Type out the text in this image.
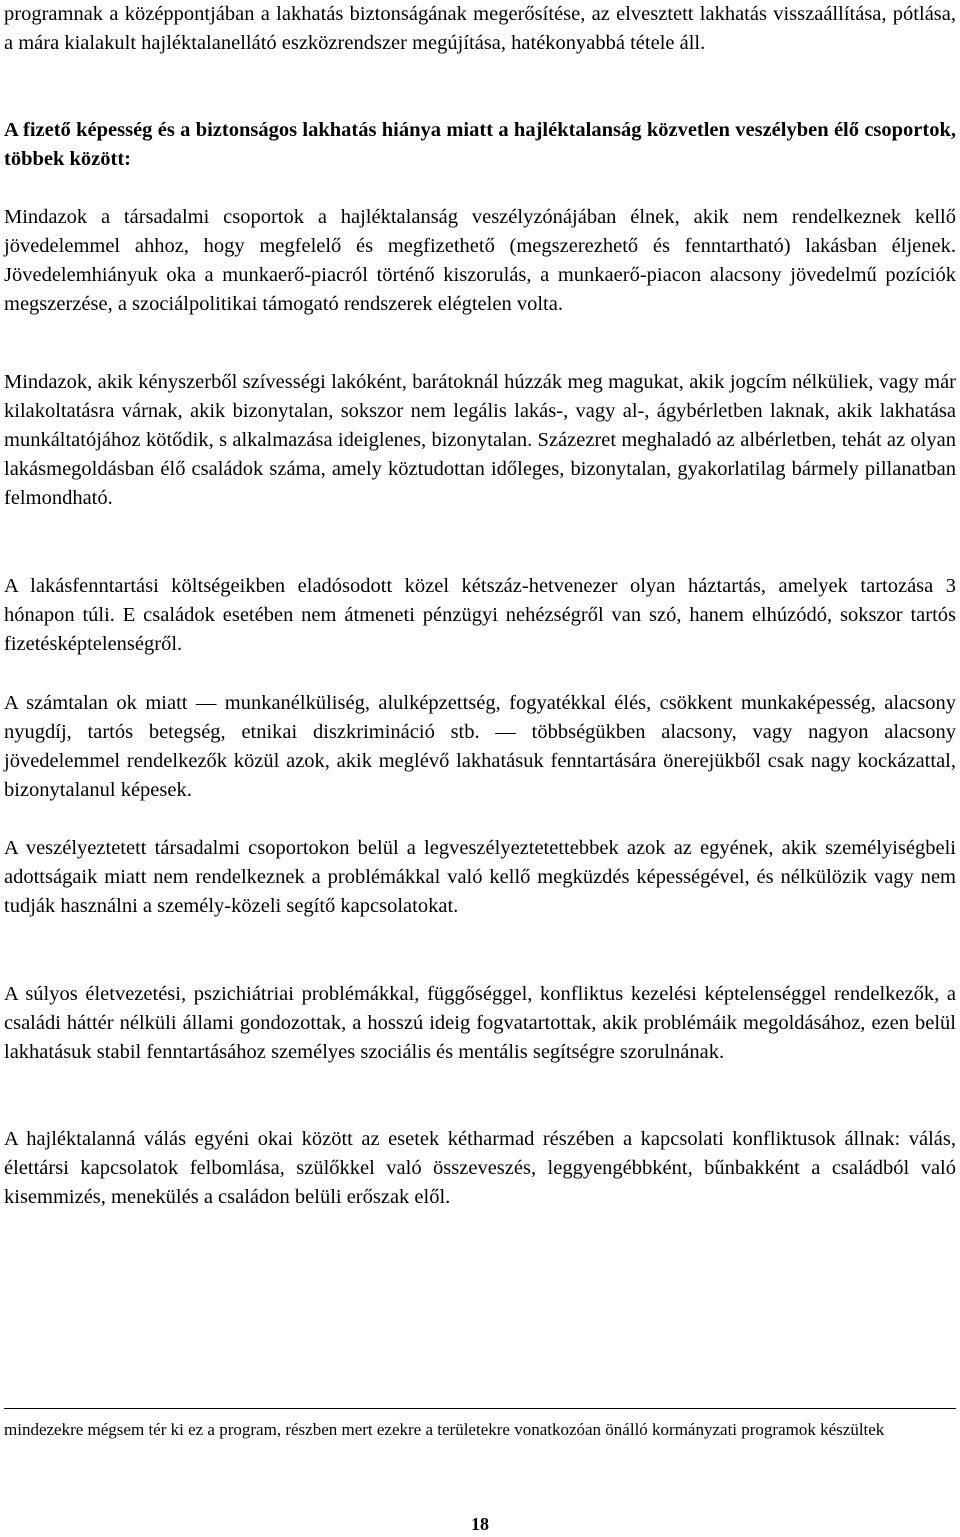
programnak a középpontjában a lakhatás biztonságának megerősítése, az elvesztett lakhatás visszaállítása, pótlása, a mára kialakult hajléktalanellátó eszközrendszer megújítása, hatékonyabbá tétele áll.

A fizető képesség és a biztonságos lakhatás hiánya miatt a hajléktalanság közvetlen veszélyben élő csoportok, többek között:

Mindazok a társadalmi csoportok a hajléktalanság veszélyzónájában élnek, akik nem rendelkeznek kellő jövedelemmel ahhoz, hogy megfelelő és megfizethető (megszerezhető és fenntartható) lakásban éljenek. Jövedelemhiányuk oka a munkaerő-piacról történő kiszorulás, a munkaerő-piacon alacsony jövedelmű pozíciók megszerzése, a szociálpolitikai támogató rendszerek elégtelen volta.

Mindazok, akik kényszerből szívességi lakóként, barátoknál húzzák meg magukat, akik jogcím nélküliek, vagy már kilakoltatásra várnak, akik bizonytalan, sokszor nem legális lakás-, vagy al-, ágybérletben laknak, akik lakhatása munkáltatójához kötődik, s alkalmazása ideiglenes, bizonytalan. Százezret meghaladó az albérletben, tehát az olyan lakásmegoldásban élő családok száma, amely köztudottan időleges, bizonytalan, gyakorlatilag bármely pillanatban felmondható.

A lakásfenntartási költségeikben eladósodott közel kétszáz-hetvenezer olyan háztartás, amelyek tartozása 3 hónapon túli. E családok esetében nem átmeneti pénzügyi nehézségről van szó, hanem elhúzódó, sokszor tartós fizetésképtelenségről.

A számtalan ok miatt — munkanélküliség, alulképzettség, fogyatékkal élés, csökkent munkaképesség, alacsony nyugdíj, tartós betegség, etnikai diszkrimináció stb. — többségükben alacsony, vagy nagyon alacsony jövedelemmel rendelkezők közül azok, akik meglévő lakhatásuk fenntartására önerejükből csak nagy kockázattal, bizonytalanul képesek.

A veszélyeztetett társadalmi csoportokon belül a legveszélyeztetettebbek azok az egyének, akik személyiségbeli adottságaik miatt nem rendelkeznek a problémákkal való kellő megküzdés képességével, és nélkülözik vagy nem tudják használni a személy-közeli segítő kapcsolatokat.

A súlyos életvezetési, pszichiátriai problémákkal, függőséggel, konfliktus kezelési képtelenséggel rendelkezők, a családi háttér nélküli állami gondozottak, a hosszú ideig fogvatartottak, akik problémáik megoldásához, ezen belül lakhatásuk stabil fenntartásához személyes szociális és mentális segítségre szorulnának.

A hajléktalanná válás egyéni okai között az esetek kétharmad részében a kapcsolati konfliktusok állnak: válás, élettársi kapcsolatok felbomlása, szülőkkel való összeveszés, leggyengébbként, bűnbakként a családból való kisemmizés, menekülés a családon belüli erőszak elől.

mindezekre mégsem tér ki ez a program, részben mert ezekre a területekre vonatkozóan önálló kormányzati programok készültek

18
